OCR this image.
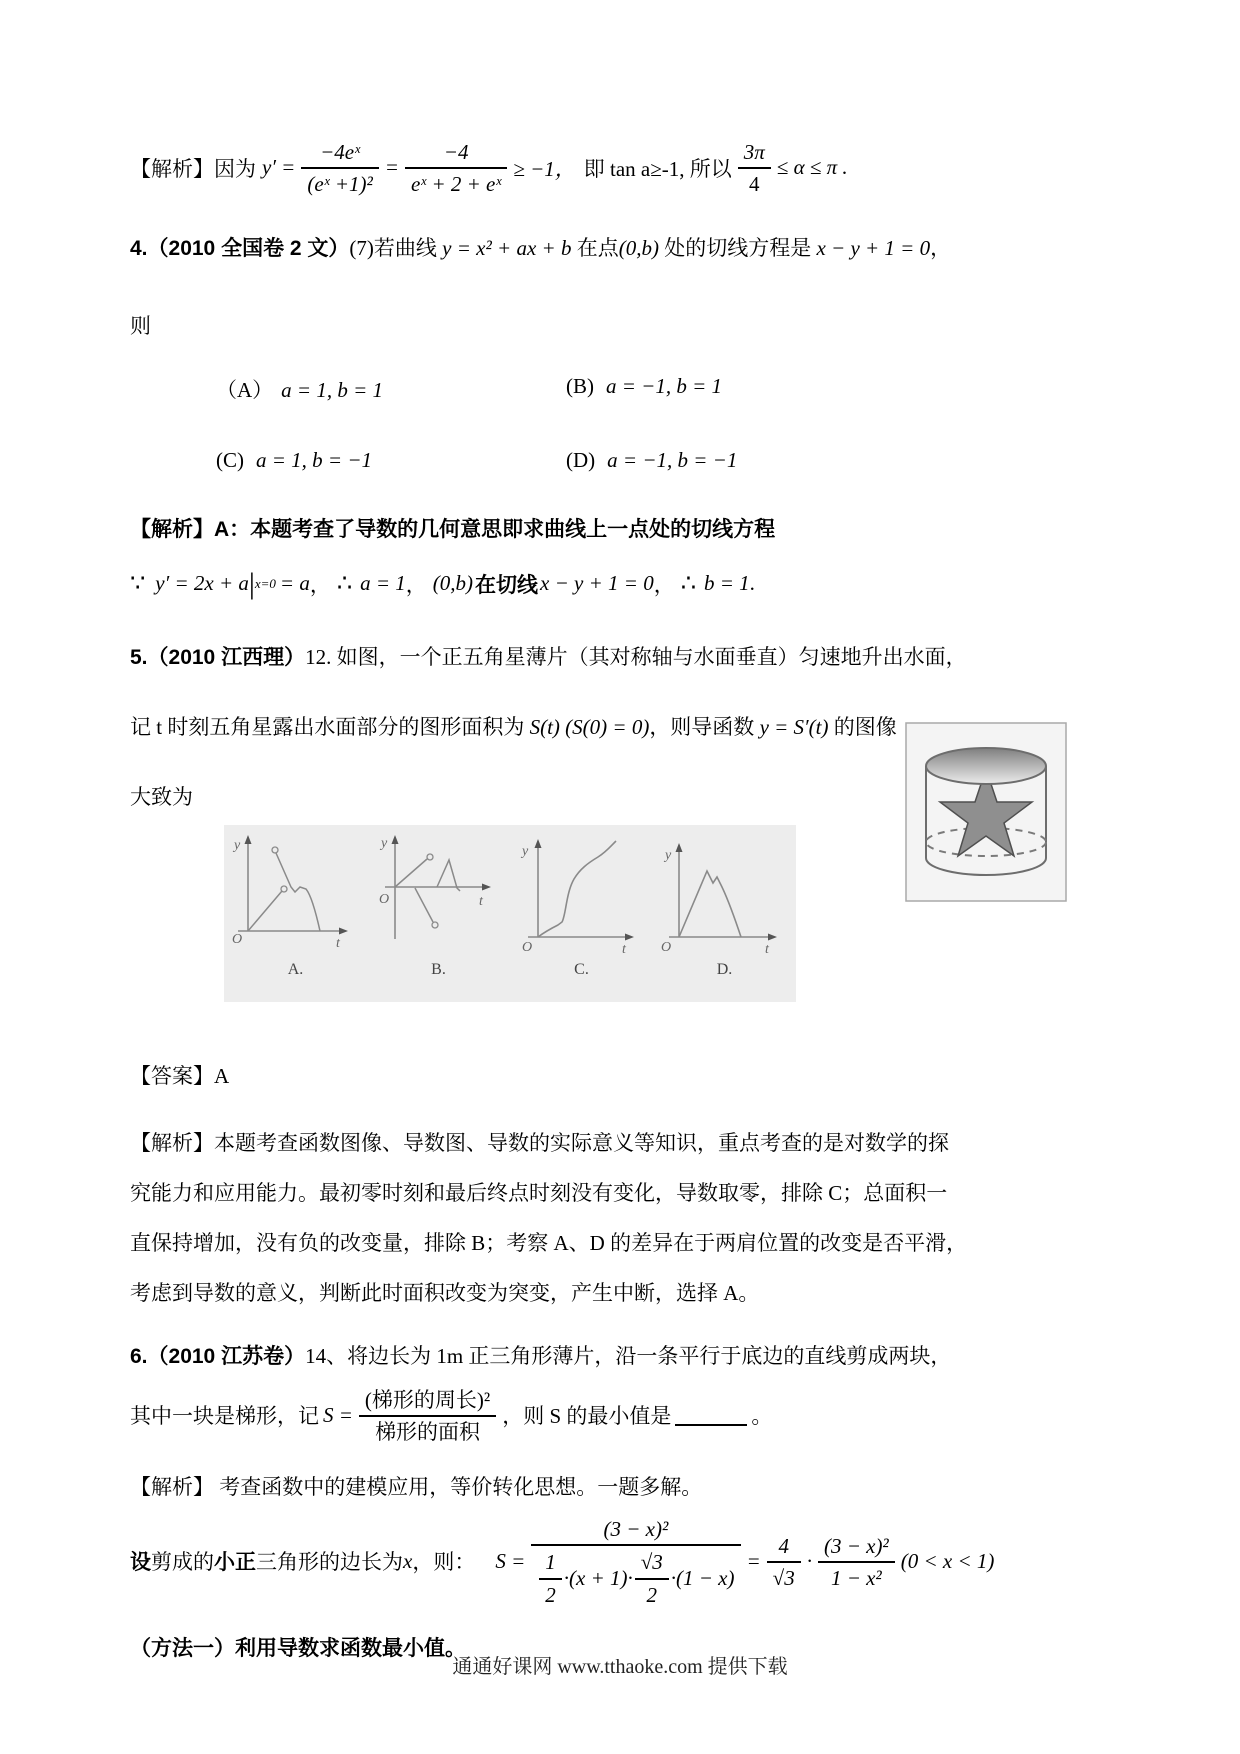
【解析】 因为 $y' = \frac{\text{−4eˣ}}{\text{(eˣ +1)²}} = \frac{-4}{\text{eˣ + 2 + eˣ}} \ge -1$， 即 tan a≥-1, 所以 $\frac{3\pi}{4} \le \alpha \le \pi$ .
4.（2010 全国卷 2 文）(7)若曲线 y = x² + ax + b 在点(0,b) 处的切线方程是 x − y + 1 = 0，
则
（A） a = 1, b = 1	(B) a = −1, b = 1
(C) a = 1, b = −1	(D) a = −1, b = −1
【解析】A：本题考查了导数的几何意思即求曲线上一点处的切线方程
∵ y′ = 2x + a | x=0 = a ， ∴ a = 1 ， (0,b) 在切线 x − y + 1 = 0 ， ∴ b = 1 .
5.（2010 江西理）12. 如图，一个正五角星薄片（其对称轴与水面垂直）匀速地升出水面，
记 t 时刻五角星露出水面部分的图形面积为 S(t) (S(0) = 0)，则导函数 y = S′(t) 的图像
大致为
y
t
O
A.
y
t
O
B.
y
t
O
C.
y
t
O
D.
【答案】A
【解析】本题考查函数图像、导数图、导数的实际意义等知识，重点考查的是对数学的探
究能力和应用能力。最初零时刻和最后终点时刻没有变化，导数取零，排除 C；总面积一
直保持增加，没有负的改变量，排除 B；考察 A、D 的差异在于两肩位置的改变是否平滑，
考虑到导数的意义，判断此时面积改变为突变，产生中断，选择 A。
6.（2010 江苏卷）14、将边长为 1m 正三角形薄片，沿一条平行于底边的直线剪成两块，
其中一块是梯形，记 $S = \frac{\text{(梯形的周长)²}}{\text{梯形的面积}}$ ，则 S 的最小值是	。
【解析】 考查函数中的建模应用，等价转化思想。一题多解。
设 剪成的 小正 三角形的边长为 x ，则： S =
(3 − x)²
$\frac{1}{2} \cdot(x + 1)\cdot \frac{√3}{2} \cdot(1 - x)$
= $\frac{4}{√3} \cdot \frac{\text{(3 − x)²}}{\text{1 − x²}} (0 < x < 1)$
（方法一）利用导数求函数最小值。
通通好课网 www.tthaoke.com 提供下载
